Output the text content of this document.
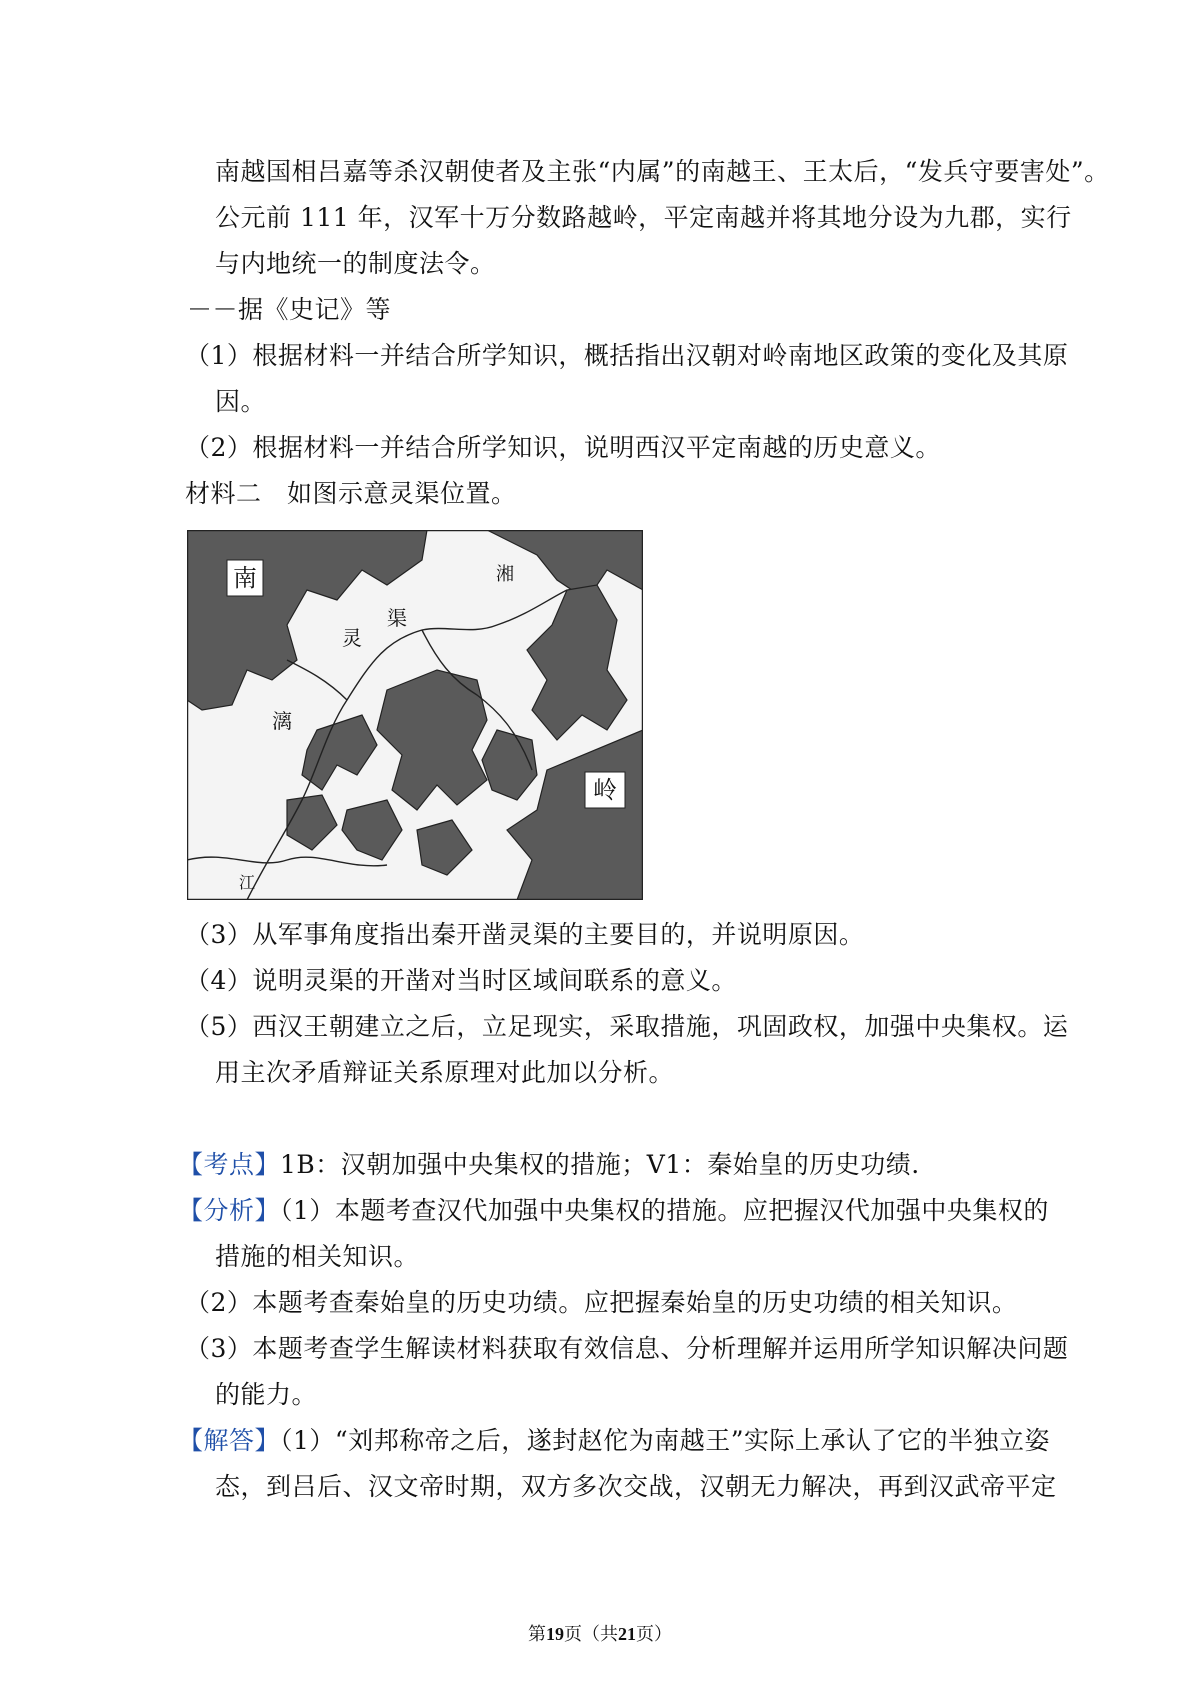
南越国相吕嘉等杀汉朝使者及主张“内属”的南越王、王太后，“发兵守要害处”。
公元前 111 年，汉军十万分数路越岭，平定南越并将其地分设为九郡，实行
与内地统一的制度法令。
－－据《史记》等
（1）根据材料一并结合所学知识，概括指出汉朝对岭南地区政策的变化及其原
因。
（2）根据材料一并结合所学知识，说明西汉平定南越的历史意义。
材料二　如图示意灵渠位置。
南
灵
渠
漓
湘
江
岭
（3）从军事角度指出秦开凿灵渠的主要目的，并说明原因。
（4）说明灵渠的开凿对当时区域间联系的意义。
（5）西汉王朝建立之后，立足现实，采取措施，巩固政权，加强中央集权。运
用主次矛盾辩证关系原理对此加以分析。
【考点】1B：汉朝加强中央集权的措施；V1：秦始皇的历史功绩.
【分析】（1）本题考查汉代加强中央集权的措施。应把握汉代加强中央集权的
措施的相关知识。
（2）本题考查秦始皇的历史功绩。应把握秦始皇的历史功绩的相关知识。
（3）本题考查学生解读材料获取有效信息、分析理解并运用所学知识解决问题
的能力。
【解答】（1）“刘邦称帝之后，遂封赵佗为南越王”实际上承认了它的半独立姿
态，到吕后、汉文帝时期，双方多次交战，汉朝无力解决，再到汉武帝平定
第19页（共21页）
